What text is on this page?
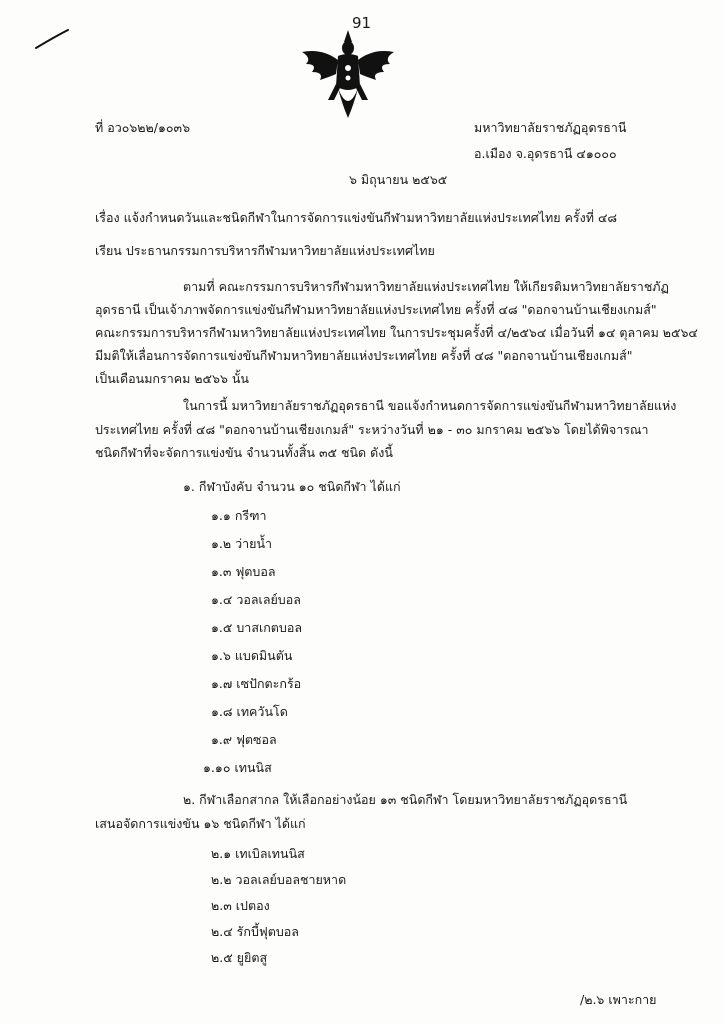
91
ที่ อว๐๖๒๒/๑๐๓๖	มหาวิทยาลัยราชภัฏอุดรธานี
อ.เมือง จ.อุดรธานี ๔๑๐๐๐
๖ มิถุนายน ๒๕๖๕
เรื่อง แจ้งกำหนดวันและชนิดกีฬาในการจัดการแข่งขันกีฬามหาวิทยาลัยแห่งประเทศไทย ครั้งที่ ๔๘
เรียน ประธานกรรมการบริหารกีฬามหาวิทยาลัยแห่งประเทศไทย
ตามที่ คณะกรรมการบริหารกีฬามหาวิทยาลัยแห่งประเทศไทย ให้เกียรติมหาวิทยาลัยราชภัฏ
อุดรธานี เป็นเจ้าภาพจัดการแข่งขันกีฬามหาวิทยาลัยแห่งประเทศไทย ครั้งที่ ๔๘ "ดอกจานบ้านเชียงเกมส์"
คณะกรรมการบริหารกีฬามหาวิทยาลัยแห่งประเทศไทย ในการประชุมครั้งที่ ๔/๒๕๖๔ เมื่อวันที่ ๑๔ ตุลาคม ๒๕๖๔
มีมติให้เลื่อนการจัดการแข่งขันกีฬามหาวิทยาลัยแห่งประเทศไทย ครั้งที่ ๔๘ "ดอกจานบ้านเชียงเกมส์"
เป็นเดือนมกราคม ๒๕๖๖ นั้น
ในการนี้ มหาวิทยาลัยราชภัฏอุดรธานี ขอแจ้งกำหนดการจัดการแข่งขันกีฬามหาวิทยาลัยแห่ง
ประเทศไทย ครั้งที่ ๔๘ "ดอกจานบ้านเชียงเกมส์" ระหว่างวันที่ ๒๑ - ๓๐ มกราคม ๒๕๖๖ โดยได้พิจารณา
ชนิดกีฬาที่จะจัดการแข่งขัน จำนวนทั้งสิ้น ๓๕ ชนิด ดังนี้
๑. กีฬาบังคับ จำนวน ๑๐ ชนิดกีฬา ได้แก่
๑.๑ กรีฑา
๑.๒ ว่ายน้ำ
๑.๓ ฟุตบอล
๑.๔ วอลเลย์บอล
๑.๕ บาสเกตบอล
๑.๖ แบดมินตัน
๑.๗ เซปักตะกร้อ
๑.๘ เทควันโด
๑.๙ ฟุตซอล
๑.๑๐ เทนนิส
๒. กีฬาเลือกสากล ให้เลือกอย่างน้อย ๑๓ ชนิดกีฬา โดยมหาวิทยาลัยราชภัฏอุดรธานี
เสนอจัดการแข่งขัน ๑๖ ชนิดกีฬา ได้แก่
๒.๑ เทเบิลเทนนิส
๒.๒ วอลเลย์บอลชายหาด
๒.๓ เปตอง
๒.๔ รักบี้ฟุตบอล
๒.๕ ยูยิตสู
/๒.๖ เพาะกาย
